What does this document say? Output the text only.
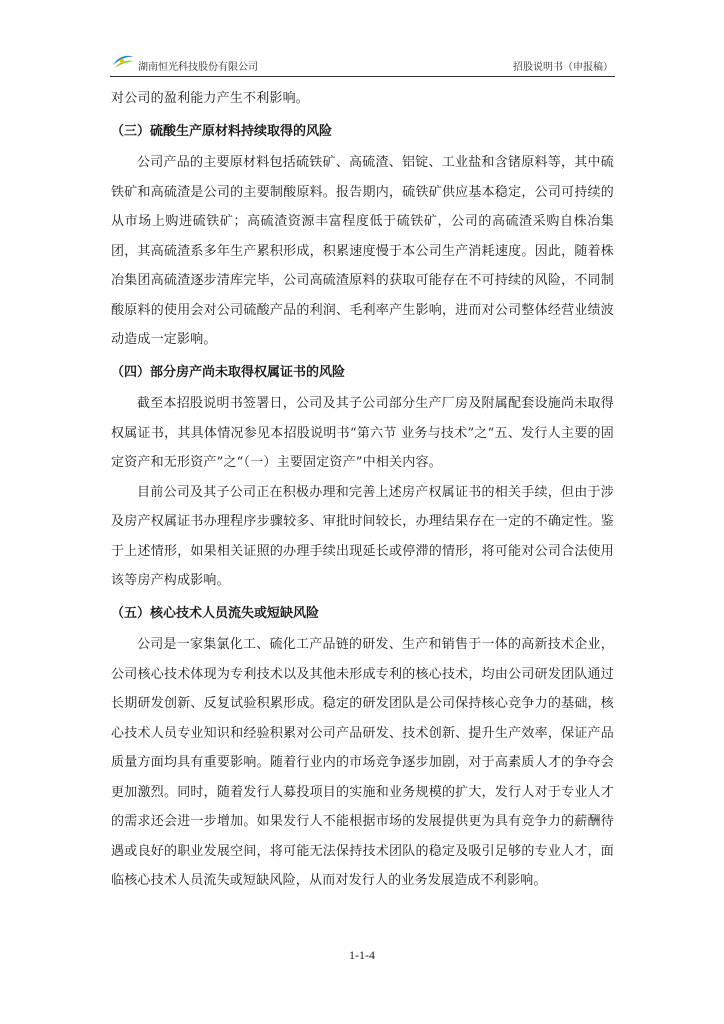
湖南恒光科技股份有限公司	招股说明书（申报稿）

对公司的盈利能力产生不利影响。

（三）硫酸生产原材料持续取得的风险

公司产品的主要原材料包括硫铁矿、高硫渣、铝锭、工业盐和含锗原料等，其中硫铁矿和高硫渣是公司的主要制酸原料。报告期内，硫铁矿供应基本稳定，公司可持续的从市场上购进硫铁矿；高硫渣资源丰富程度低于硫铁矿，公司的高硫渣采购自株冶集团，其高硫渣系多年生产累积形成，积累速度慢于本公司生产消耗速度。因此，随着株冶集团高硫渣逐步清库完毕，公司高硫渣原料的获取可能存在不可持续的风险，不同制酸原料的使用会对公司硫酸产品的利润、毛利率产生影响，进而对公司整体经营业绩波动造成一定影响。

（四）部分房产尚未取得权属证书的风险

截至本招股说明书签署日，公司及其子公司部分生产厂房及附属配套设施尚未取得权属证书，其具体情况参见本招股说明书“第六节 业务与技术”之“五、发行人主要的固定资产和无形资产”之“（一）主要固定资产”中相关内容。

目前公司及其子公司正在积极办理和完善上述房产权属证书的相关手续，但由于涉及房产权属证书办理程序步骤较多、审批时间较长，办理结果存在一定的不确定性。鉴于上述情形，如果相关证照的办理手续出现延长或停滞的情形，将可能对公司合法使用该等房产构成影响。

（五）核心技术人员流失或短缺风险

公司是一家集氯化工、硫化工产品链的研发、生产和销售于一体的高新技术企业，公司核心技术体现为专利技术以及其他未形成专利的核心技术，均由公司研发团队通过长期研发创新、反复试验积累形成。稳定的研发团队是公司保持核心竞争力的基础，核心技术人员专业知识和经验积累对公司产品研发、技术创新、提升生产效率，保证产品质量方面均具有重要影响。随着行业内的市场竞争逐步加剧，对于高素质人才的争夺会更加激烈。同时，随着发行人募投项目的实施和业务规模的扩大，发行人对于专业人才的需求还会进一步增加。如果发行人不能根据市场的发展提供更为具有竞争力的薪酬待遇或良好的职业发展空间，将可能无法保持技术团队的稳定及吸引足够的专业人才，面临核心技术人员流失或短缺风险，从而对发行人的业务发展造成不利影响。

1-1-4
